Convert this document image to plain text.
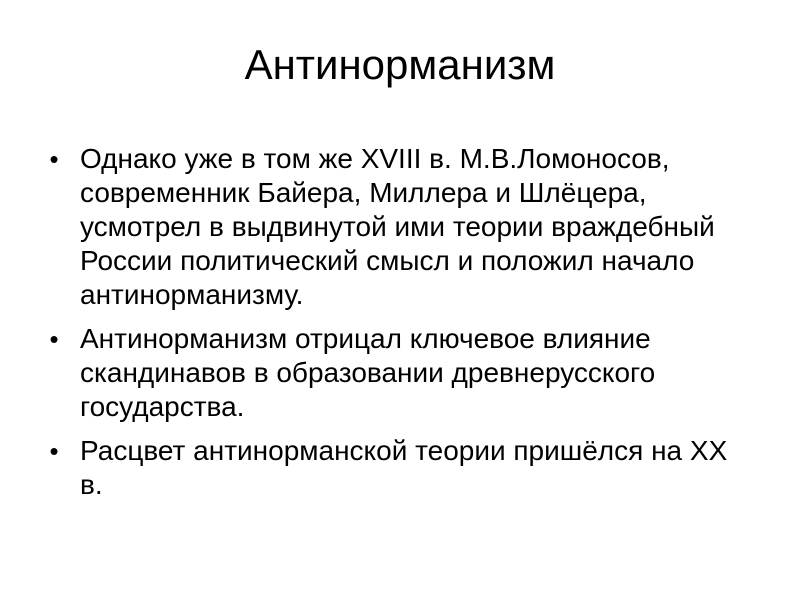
Антинорманизм
• Однако уже в том же XVIII в. М.В.Ломоносов, современник Байера, Миллера и Шлёцера, усмотрел в выдвинутой ими теории враждебный России политический смысл и положил начало антинорманизму.
• Антинорманизм отрицал ключевое влияние скандинавов в образовании древнерусского государства.
• Расцвет антинорманской теории пришёлся на XX в.
